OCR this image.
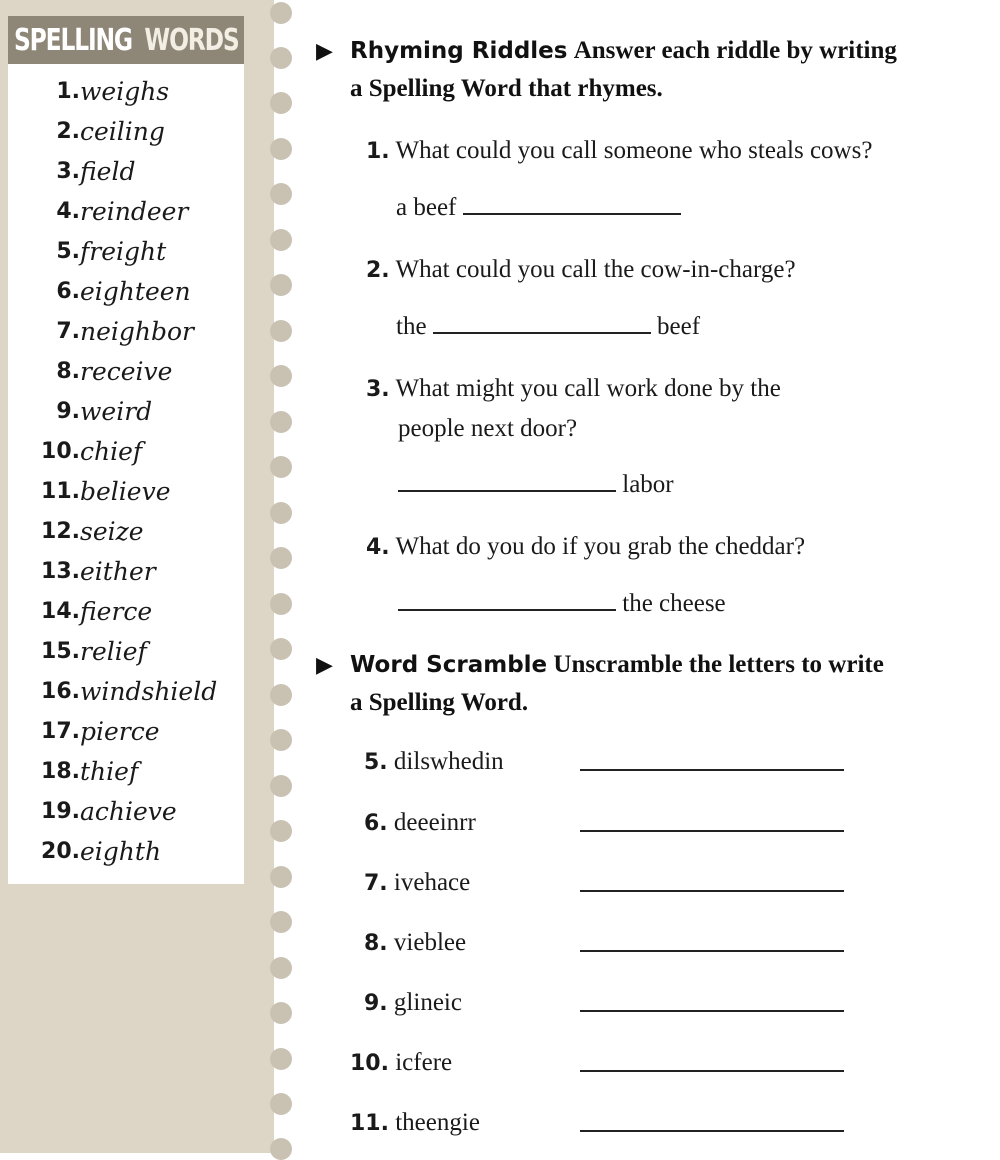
SPELLING WORDS
1. weighs
2. ceiling
3. field
4. reindeer
5. freight
6. eighteen
7. neighbor
8. receive
9. weird
10. chief
11. believe
12. seize
13. either
14. fierce
15. relief
16. windshield
17. pierce
18. thief
19. achieve
20. eighth
▶ Rhyming Riddles Answer each riddle by writing
a Spelling Word that rhymes.
1. What could you call someone who steals cows?
a beef
2. What could you call the cow-in-charge?
the	beef
3. What might you call work done by the
people next door?
labor
4. What do you do if you grab the cheddar?
the cheese
▶ Word Scramble Unscramble the letters to write
a Spelling Word.
5. dilswhedin
6. deeeinrr
7. ivehace
8. vieblee
9. glineic
10. icfere
11. theengie
